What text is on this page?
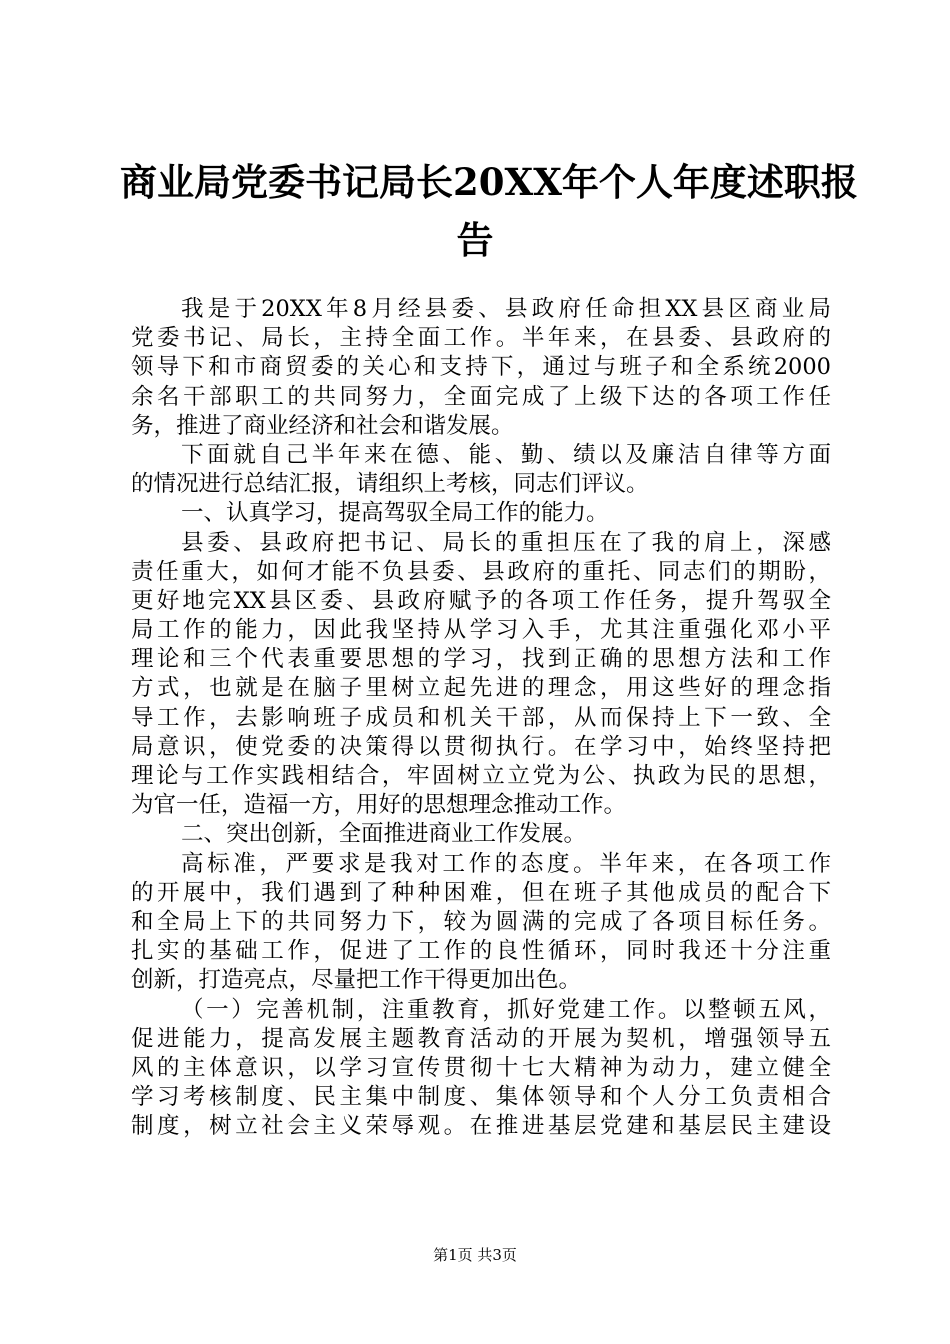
商业局党委书记局长20XX年个人年度述职报
告
我是于20XX年8月经县委、县政府任命担XX县区商业局
党委书记、局长，主持全面工作。半年来，在县委、县政府的
领导下和市商贸委的关心和支持下，通过与班子和全系统2000
余名干部职工的共同努力，全面完成了上级下达的各项工作任
务，推进了商业经济和社会和谐发展。
下面就自己半年来在德、能、勤、绩以及廉洁自律等方面
的情况进行总结汇报，请组织上考核，同志们评议。
一、认真学习，提高驾驭全局工作的能力。
县委、县政府把书记、局长的重担压在了我的肩上，深感
责任重大，如何才能不负县委、县政府的重托、同志们的期盼，
更好地完XX县区委、县政府赋予的各项工作任务，提升驾驭全
局工作的能力，因此我坚持从学习入手，尤其注重强化邓小平
理论和三个代表重要思想的学习，找到正确的思想方法和工作
方式，也就是在脑子里树立起先进的理念，用这些好的理念指
导工作，去影响班子成员和机关干部，从而保持上下一致、全
局意识，使党委的决策得以贯彻执行。在学习中，始终坚持把
理论与工作实践相结合，牢固树立立党为公、执政为民的思想，
为官一任，造福一方，用好的思想理念推动工作。
二、突出创新，全面推进商业工作发展。
高标准，严要求是我对工作的态度。半年来，在各项工作
的开展中，我们遇到了种种困难，但在班子其他成员的配合下
和全局上下的共同努力下，较为圆满的完成了各项目标任务。
扎实的基础工作，促进了工作的良性循环，同时我还十分注重
创新，打造亮点，尽量把工作干得更加出色。
（一）完善机制，注重教育，抓好党建工作。以整顿五风，
促进能力，提高发展主题教育活动的开展为契机，增强领导五
风的主体意识，以学习宣传贯彻十七大精神为动力，建立健全
学习考核制度、民主集中制度、集体领导和个人分工负责相合
制度，树立社会主义荣辱观。在推进基层党建和基层民主建设
第1页 共3页
